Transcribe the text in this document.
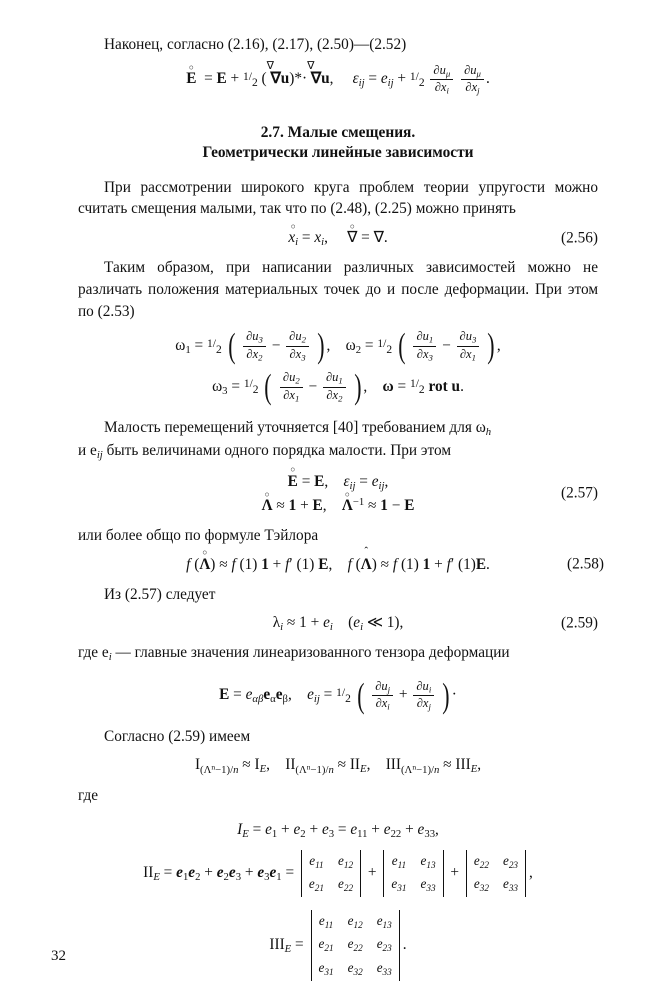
Наконец, согласно (2.16), (2.17), (2.50)—(2.52)

○
E  = E + $^{1/2}$ (
∇
∇u)*·
∇
∇u,     $\varepsilon_{ij} = e_{ij} + ^{1/2} \frac{\partial u_\mu}{\partial x_i}$
$\frac{\partial u_\mu}{\partial x_j}$ .
2.7. Малые смещения.
Геометрически линейные зависимости

При рассмотрении широкого круга проблем теории упругости можно считать смещения малыми, так что по (2.48), (2.25) можно принять

○
$x_i = x_i$,
○
∇ = ∇.	(2.56)

Таким образом, при написании различных зависимостей можно не различать положения материальных точек до и после деформации. При этом по (2.53)

$\omega_1 = ^{1/2}$ ( $\frac{\partial u_3}{\partial x_2} - \frac{\partial u_2}{\partial x_3}$ ) ,    $\omega_2 = ^{1/2}$ ( $\frac{\partial u_1}{\partial x_3} - \frac{\partial u_3}{\partial x_1}$ ) ,
$\omega_3 = ^{1/2}$ ( $\frac{\partial u_2}{\partial x_1} - \frac{\partial u_1}{\partial x_2}$ ) ,    ω = $^{1/2}$ rot u.

Малость перемещений уточняется [40] требованием для $\omega_h$
и $e_{ij}$ быть величинами одного порядка малости. При этом

○
E = E,    $\varepsilon_{ij} = e_{ij}$,
○
Λ ≈ 1 + E,
○
$\Lambda^{-1} \approx 1 - E$
(2.57)

или более общо по формуле Тэйлора

f
○
(Λ) ≈ f (1) 1 + f′ (1) E,    f (Λ) ≈ f (1) 1 + f′ (1)E.	(2.58)

Из (2.57) следует

$\lambda_i \approx 1 + e_i$    ($e_i$ ≪ 1),	(2.59)

где $e_i$ — главные значения линеаризованного тензора деформации

$E = e_{\alpha\beta}e_\alpha e_\beta$,    $e_{ij} = ^{1/2}$ ( $\frac{\partial u_j}{\partial x_i} + \frac{\partial u_i}{\partial x_j}$ ) ·

Согласно (2.59) имеем

$I_{(\Lambda^n-1)/n} \approx I_E$,    $II_{(\Lambda^n-1)/n} \approx II_E$,    $III_{(\Lambda^n-1)/n} \approx III_E$,

где

$I_E = e_1 + e_2 + e_3 = e_{11} + e_{22} + e_{33}$,
$II_E = e_1e_2 + e_2e_3 + e_3e_1$ =
$e_{11}$	$e_{12}$
$e_{21}$	$e_{22}$
+
$e_{11}$	$e_{13}$
$e_{31}$	$e_{33}$
+
$e_{22}$	$e_{23}$
$e_{32}$	$e_{33}$
,
$III_E$ =
$e_{11}$	$e_{12}$	$e_{13}$
$e_{21}$	$e_{22}$	$e_{23}$
$e_{31}$	$e_{32}$	$e_{33}$
.
32
